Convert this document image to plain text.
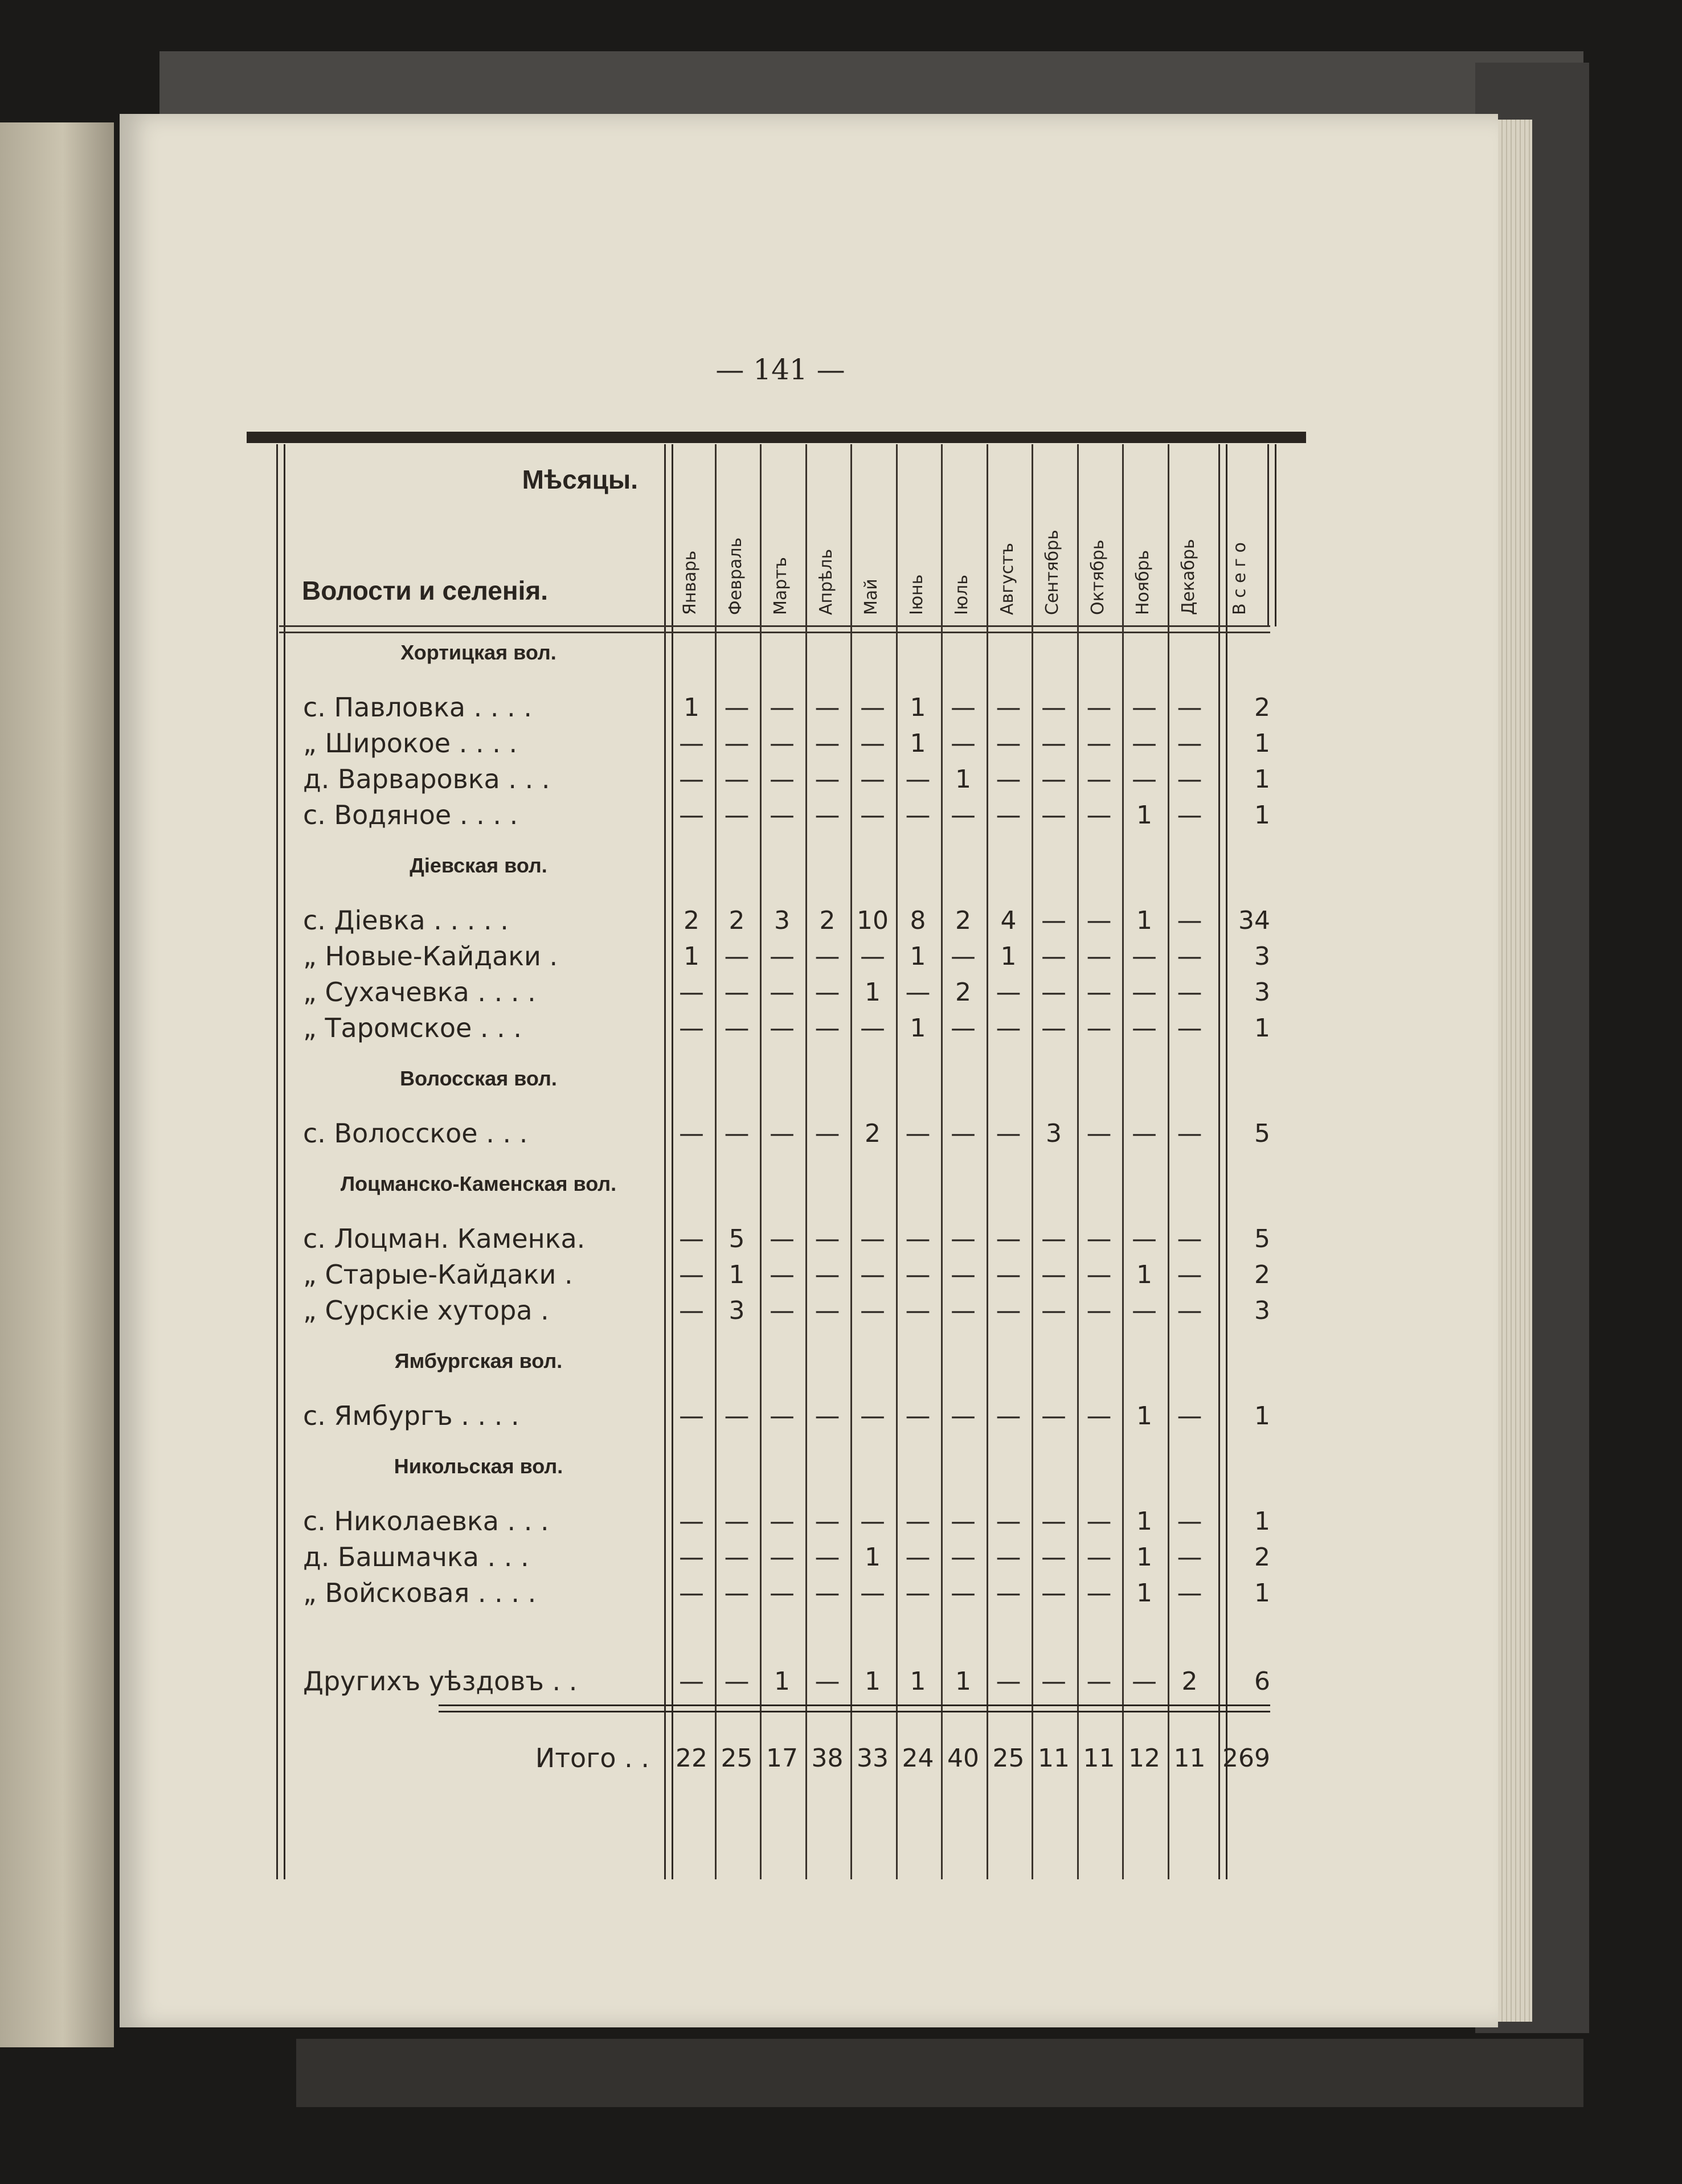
— 141 —
Мѣсяцы.
Волости и селенія.	Январь Февраль Мартъ Апрѣль Май Іюнь Іюль Августъ Сентябрь Октябрь Ноябрь Декабрь В с е г о
Хортицкая вол.
с. Павловка . . . .	1 — — — — 1 — — — — — —	2
„ Широкое . . . .	— — — — — 1 — — — — — —	1
д. Варваровка . . .	— — — — — — 1 — — — — —	1
с. Водяное . . . .	— — — — — — — — — — 1 —	1
Діевская вол.
с. Діевка . . . . .	2	2	3	2 10 8	2	4 — — 1 —	34
„ Новые-Кайдаки .	1 — — — — 1 — 1 — — — —	3
„ Сухачевка . . . .	— — — — 1 — 2 — — — — —	3
„ Таромское . . .	— — — — — 1 — — — — — —	1
Волосская вол.
с. Волосское . . .	— — — — 2 — — — 3 — — —	5
Лоцманско-Каменская вол.
с. Лоцман. Каменка.	— 5 — — — — — — — — — —	5
„ Старые-Кайдаки .	— 1 — — — — — — — — 1 —	2
„ Сурскіе хутора .	— 3 — — — — — — — — — —	3
Ямбургская вол.
с. Ямбургъ . . . .	— — — — — — — — — — 1 —	1
Никольская вол.
с. Николаевка . . .	— — — — — — — — — — 1 —	1
д. Башмачка . . .	— — — — 1 — — — — — 1 —	2
„ Войсковая . . . .	— — — — — — — — — — 1 —	1
Другихъ уѣздовъ . .	— — 1 — 1	1	1 — — — — 2	6
Итого . . 22 25 17 38 33 24 40 25 11 11 12 11 269
